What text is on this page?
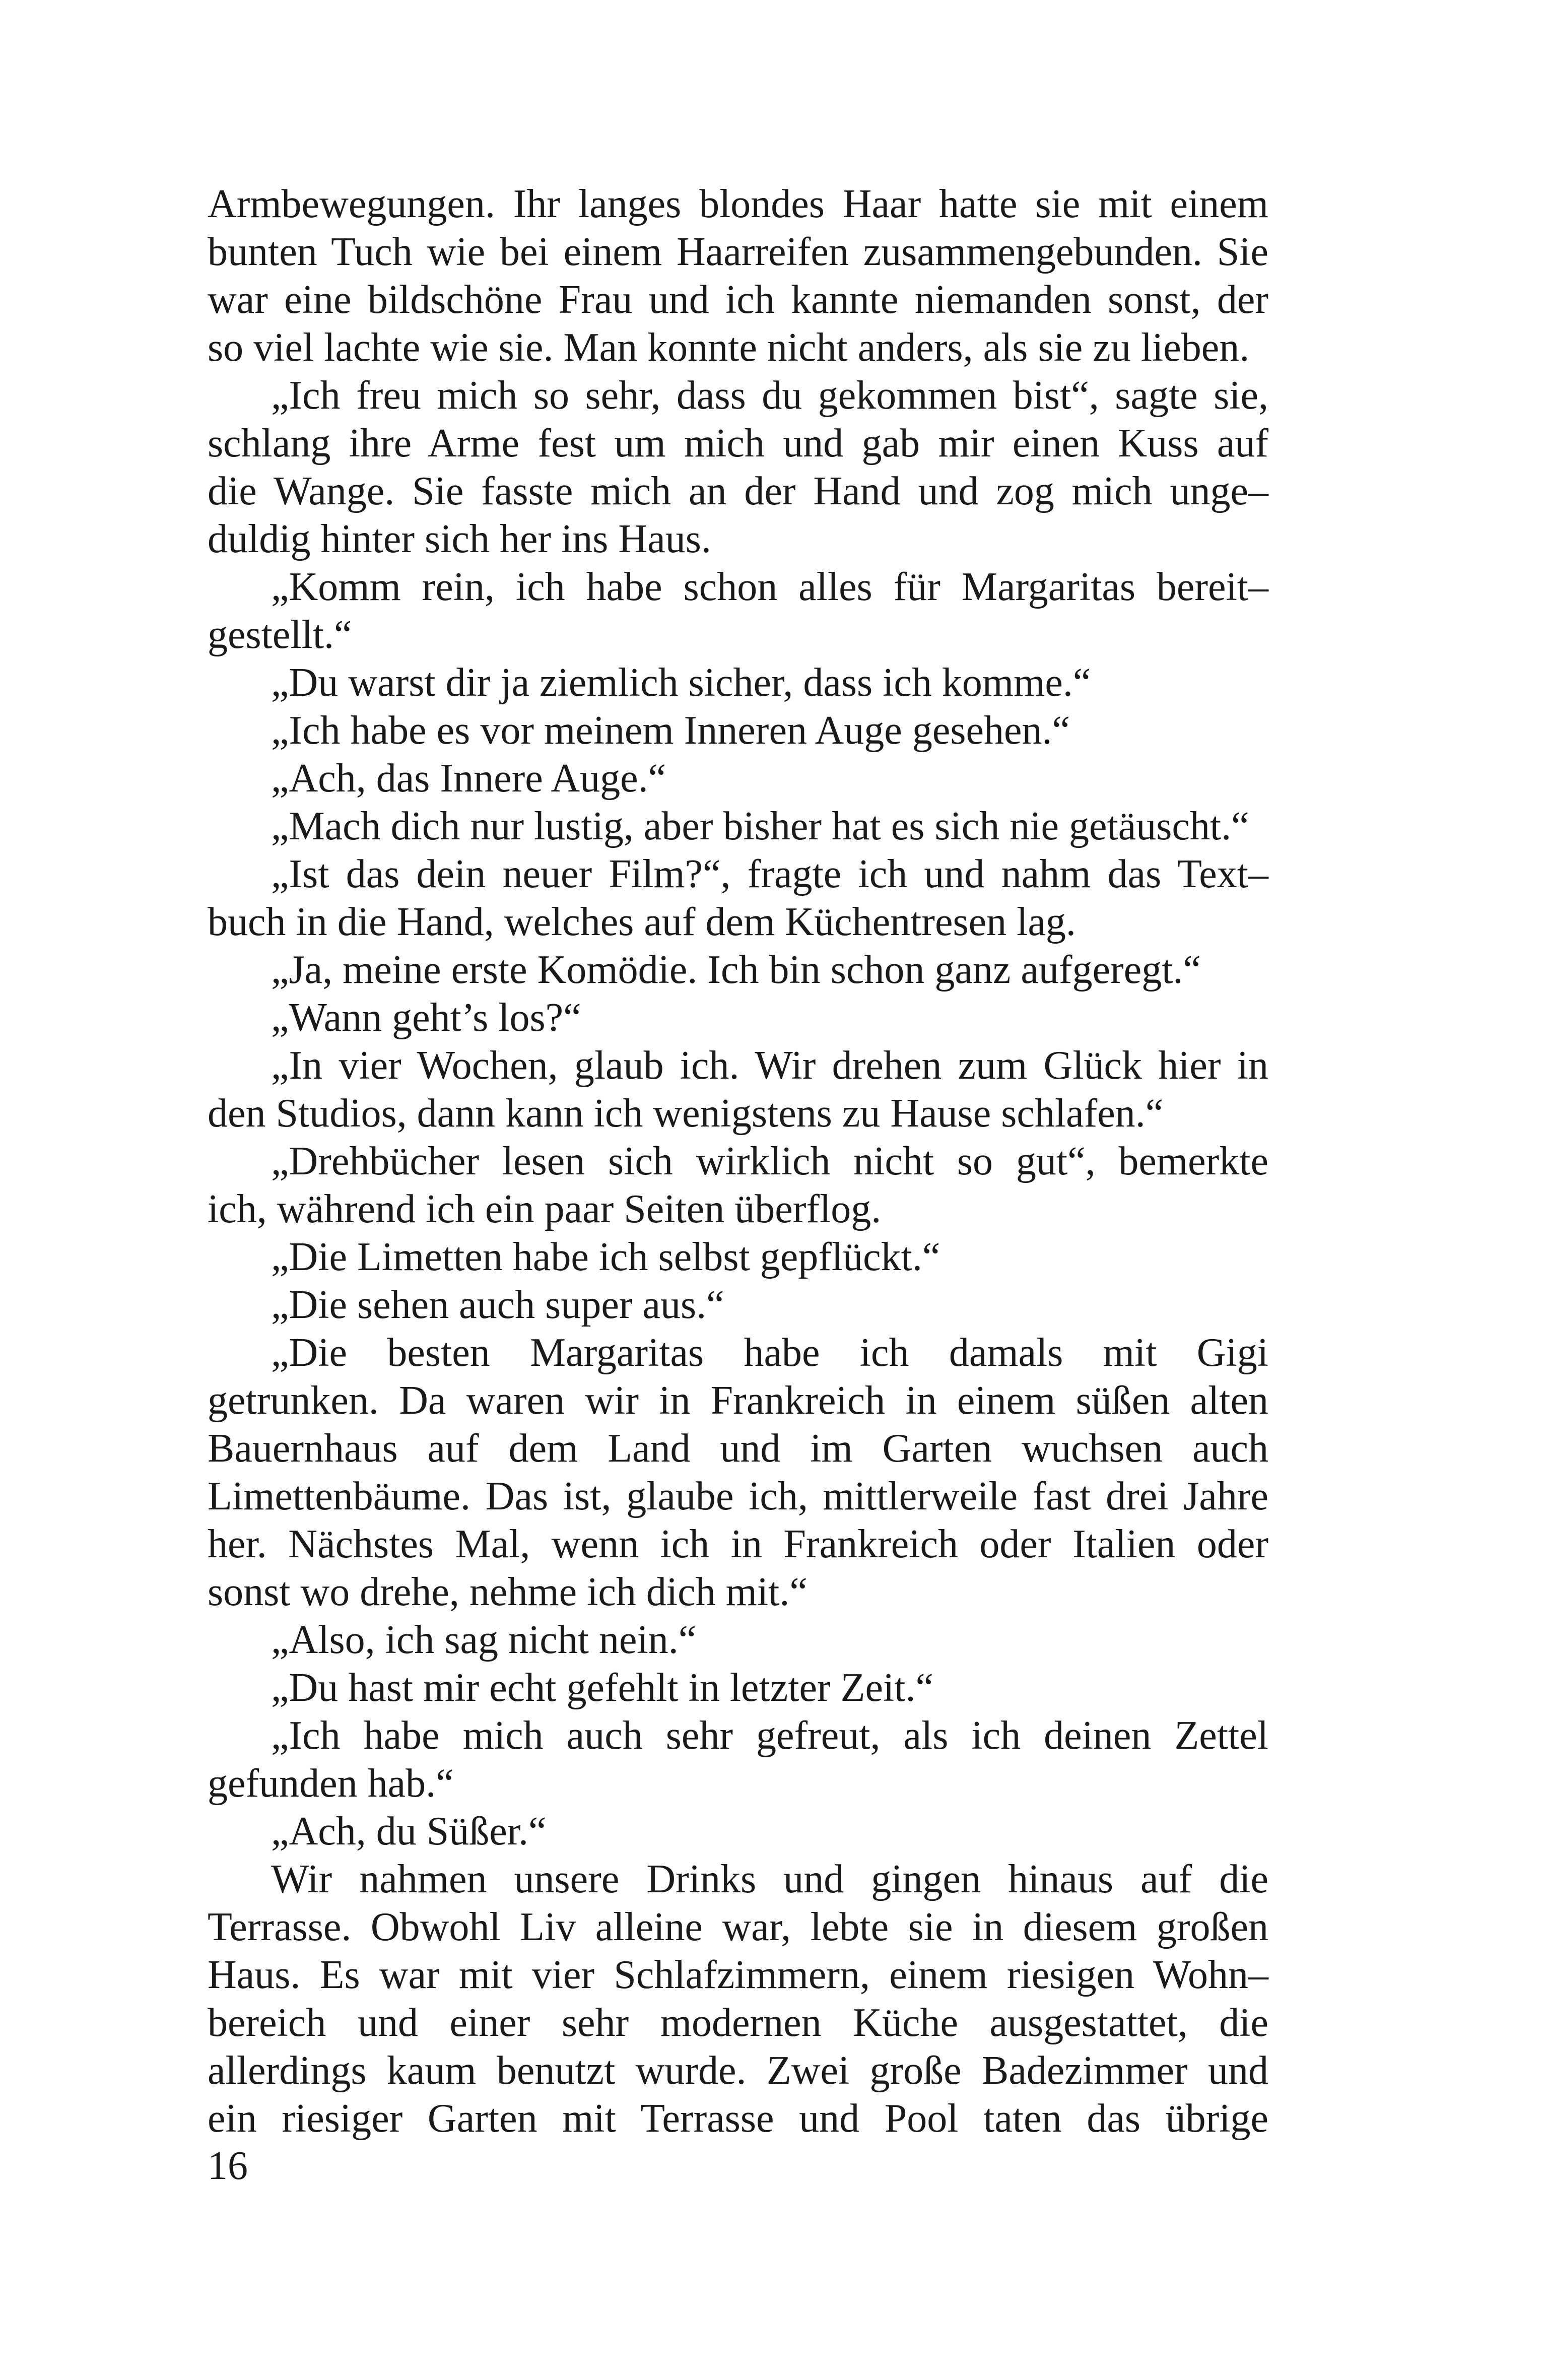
Armbewegungen. Ihr langes blondes Haar hatte sie mit einem
bunten Tuch wie bei einem Haarreifen zusammengebunden. Sie
war eine bildschöne Frau und ich kannte niemanden sonst, der
so viel lachte wie sie. Man konnte nicht anders, als sie zu lieben.
„Ich freu mich so sehr, dass du gekommen bist“, sagte sie,
schlang ihre Arme fest um mich und gab mir einen Kuss auf
die Wange. Sie fasste mich an der Hand und zog mich unge–
duldig hinter sich her ins Haus.
„Komm rein, ich habe schon alles für Margaritas bereit–
gestellt.“
„Du warst dir ja ziemlich sicher, dass ich komme.“
„Ich habe es vor meinem Inneren Auge gesehen.“
„Ach, das Innere Auge.“
„Mach dich nur lustig, aber bisher hat es sich nie getäuscht.“
„Ist das dein neuer Film?“, fragte ich und nahm das Text–
buch in die Hand, welches auf dem Küchentresen lag.
„Ja, meine erste Komödie. Ich bin schon ganz aufgeregt.“
„Wann geht’s los?“
„In vier Wochen, glaub ich. Wir drehen zum Glück hier in
den Studios, dann kann ich wenigstens zu Hause schlafen.“
„Drehbücher lesen sich wirklich nicht so gut“, bemerkte
ich, während ich ein paar Seiten überflog.
„Die Limetten habe ich selbst gepflückt.“
„Die sehen auch super aus.“
„Die besten Margaritas habe ich damals mit Gigi
getrunken. Da waren wir in Frankreich in einem süßen alten
Bauernhaus auf dem Land und im Garten wuchsen auch
Limettenbäume. Das ist, glaube ich, mittlerweile fast drei Jahre
her. Nächstes Mal, wenn ich in Frankreich oder Italien oder
sonst wo drehe, nehme ich dich mit.“
„Also, ich sag nicht nein.“
„Du hast mir echt gefehlt in letzter Zeit.“
„Ich habe mich auch sehr gefreut, als ich deinen Zettel
gefunden hab.“
„Ach, du Süßer.“
Wir nahmen unsere Drinks und gingen hinaus auf die
Terrasse. Obwohl Liv alleine war, lebte sie in diesem großen
Haus. Es war mit vier Schlafzimmern, einem riesigen Wohn–
bereich und einer sehr modernen Küche ausgestattet, die
allerdings kaum benutzt wurde. Zwei große Badezimmer und
ein riesiger Garten mit Terrasse und Pool taten das übrige
16
